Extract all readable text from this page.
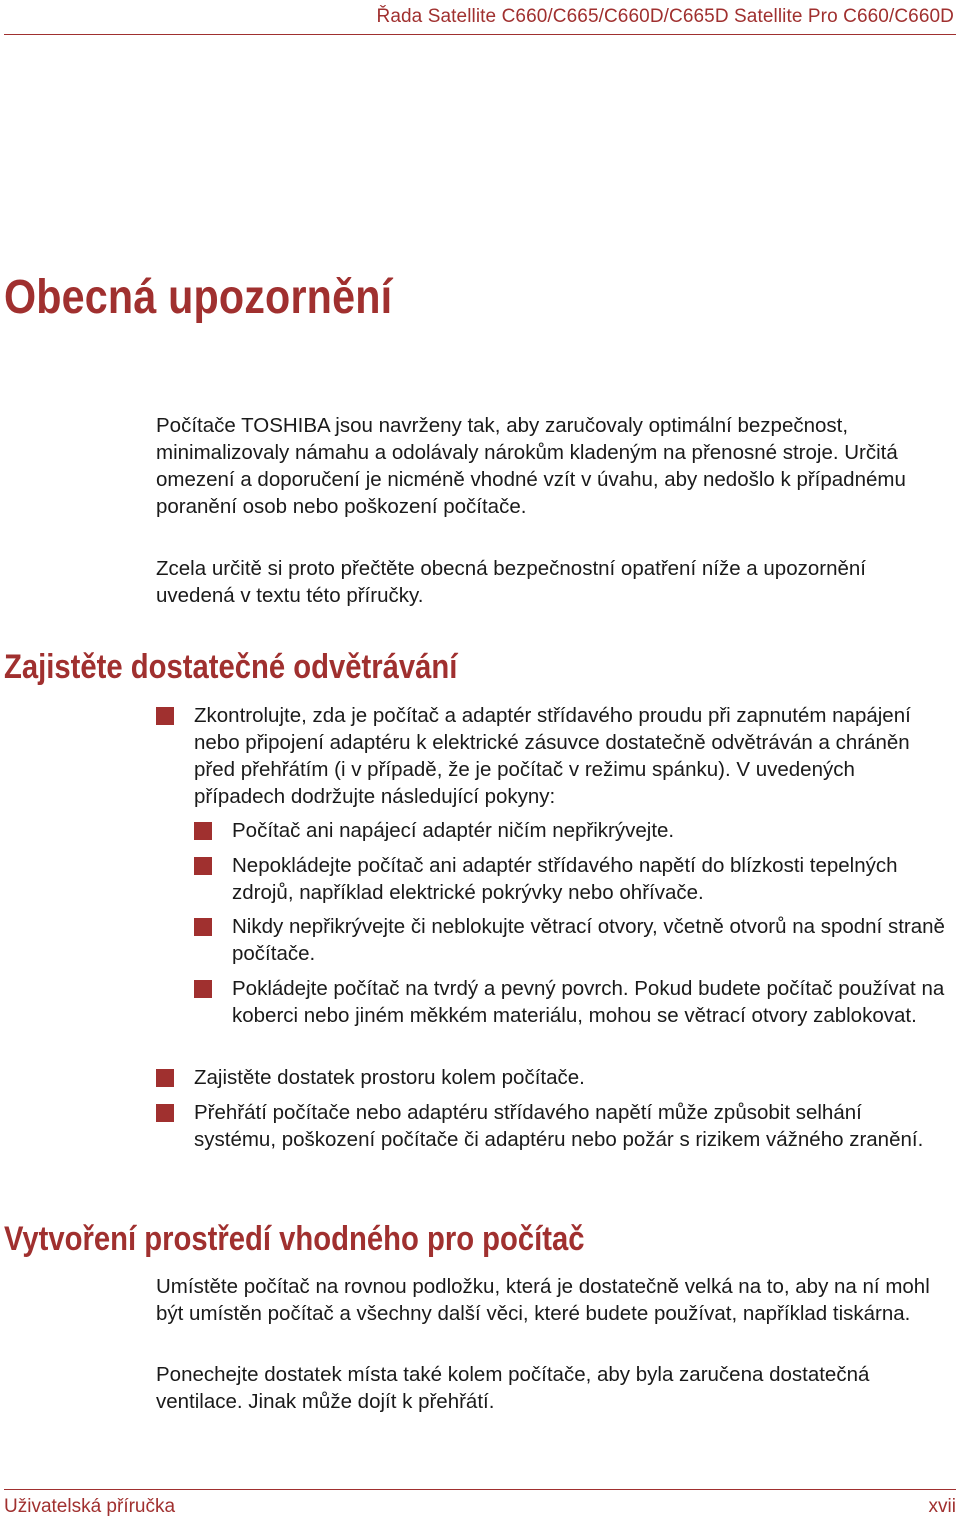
Řada Satellite C660/C665/C660D/C665D Satellite Pro C660/C660D
Obecná upozornění

Počítače TOSHIBA jsou navrženy tak, aby zaručovaly optimální bezpečnost, minimalizovaly námahu a odolávaly nárokům kladeným na přenosné stroje. Určitá omezení a doporučení je nicméně vhodné vzít v úvahu, aby nedošlo k případnému poranění osob nebo poškození počítače.

Zcela určitě si proto přečtěte obecná bezpečnostní opatření níže a upozornění uvedená v textu této příručky.

Zajistěte dostatečné odvětrávání
Zkontrolujte, zda je počítač a adaptér střídavého proudu při zapnutém napájení nebo připojení adaptéru k elektrické zásuvce dostatečně odvětráván a chráněn před přehřátím (i v případě, že je počítač v režimu spánku). V uvedených případech dodržujte následující pokyny:
Počítač ani napájecí adaptér ničím nepřikrývejte.
Nepokládejte počítač ani adaptér střídavého napětí do blízkosti tepelných zdrojů, například elektrické pokrývky nebo ohřívače.
Nikdy nepřikrývejte či neblokujte větrací otvory, včetně otvorů na spodní straně počítače.
Pokládejte počítač na tvrdý a pevný povrch. Pokud budete počítač používat na koberci nebo jiném měkkém materiálu, mohou se větrací otvory zablokovat.
Zajistěte dostatek prostoru kolem počítače.
Přehřátí počítače nebo adaptéru střídavého napětí může způsobit selhání systému, poškození počítače či adaptéru nebo požár s rizikem vážného zranění.
Vytvoření prostředí vhodného pro počítač

Umístěte počítač na rovnou podložku, která je dostatečně velká na to, aby na ní mohl být umístěn počítač a všechny další věci, které budete používat, například tiskárna.

Ponechejte dostatek místa také kolem počítače, aby byla zaručena dostatečná ventilace. Jinak může dojít k přehřátí.

Uživatelská příručka	xvii
